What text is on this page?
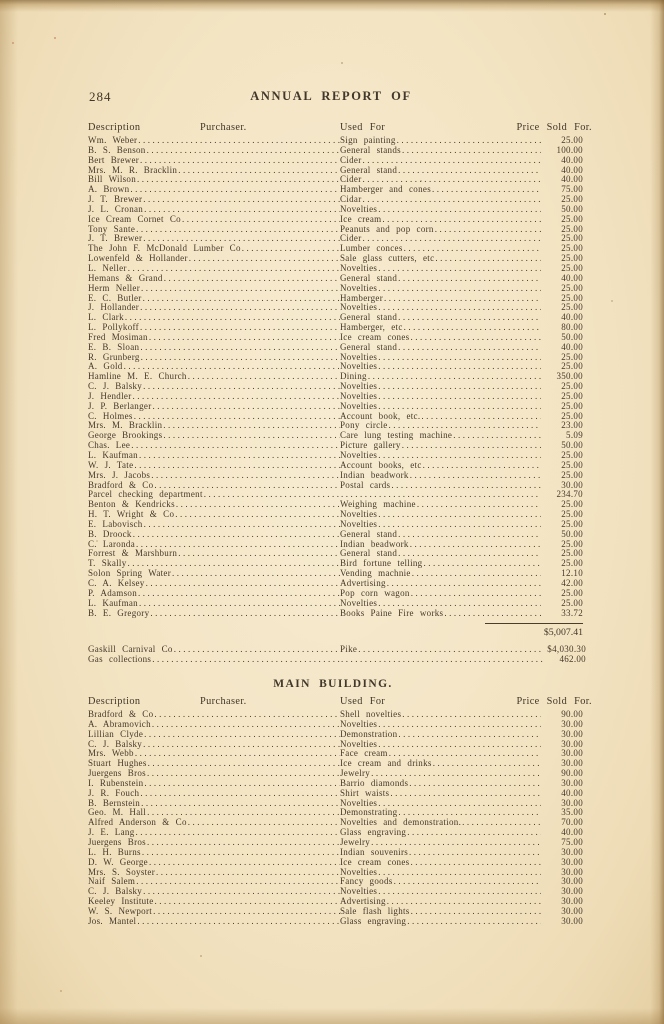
284	ANNUAL REPORT OF
Description	Purchaser.	Used For	Price Sold For.
Wm. Weber .....	Sign painting .....	25.00
B. S. Benson .....	General stands .....	100.00
Bert Brewer .....	Cider .....	40.00
Mrs. M. R. Bracklin .....	General stand .....	40.00
Bill Wilson .....	Cider .....	40.00
A. Brown .....	Hamberger and cones .....	75.00
J. T. Brewer .....	Cidar .....	25.00
J. L. Cronan .....	Novelties .....	50.00
Ice Cream Cornet Co .....	Ice cream .....	25.00
Tony Sante .....	Peanuts and pop corn .....	25.00
J. T. Brewer .....	Cider .....	25.00
The John F. McDonald Lumber Co .....	Lumber conces .....	25.00
Lowenfeld & Hollander .....	Sale glass cutters, etc .....	25.00
L. Neller .....	Novelties .....	25.00
Hemans & Grand .....	General stand .....	40.00
Herm Neller .....	Novelties .....	25.00
E. C. Butler .....	Hamberger .....	25.00
J. Hollander .....	Novelties .....	25.00
L. Clark .....	General stand .....	40.00
L. Pollykoff .....	Hamberger, etc .....	80.00
Fred Mosiman .....	Ice cream cones .....	50.00
E. B. Sloan .....	General stand .....	40.00
R. Grunberg .....	Novelties .....	25.00
A. Gold .....	Novelties .....	25.00
Hamline M. E. Church .....	Dining .....	350.00
C. J. Balsky .....	Novelties .....	25.00
J. Hendler .....	Novelties .....	25.00
J. P. Berlanger .....	Novelties .....	25.00
C. Holmes .....	Account book, etc. .....	25.00
Mrs. M. Bracklin .....	Pony circle .....	23.00
George Brookings .....	Care lung testing machine .....	5.09
Chas. Lee .....	Picture gallery .....	50.00
L. Kaufman .....	Novelties .....	25.00
W. J. Tate .....	Account books, etc .....	25.00
Mrs. J. Jacobs .....	Indian beadwork .....	25.00
Bradford & Co .....	Postal cards .....	30.00
Parcel checking department ..... .....	234.70
Benton & Kendricks .....	Weighing machine .....	25.00
H. T. Wright & Co .....	Novelties .....	25.00
E. Labovisch .....	Novelties .....	25.00
B. Droock .....	General stand .....	50.00
C. Laronda .....	Indian beadwork .....	25.00
Forrest & Marshburn .....	General stand .....	25.00
T. Skally .....	Bird fortune telling .....	25.00
Solon Spring Water .....	Vending machnie .....	12.10
C. A. Kelsey .....	Advertising .....	42.00
P. Adamson .....	Pop corn wagon .....	25.00
L. Kaufman .....	Novelties .....	25.00
B. E. Gregory .....	Books Paine Fire works .....	33.72
$5,007.41
Gaskill Carnival Co .....	Pike .....	$4,030.30
Gas collections ..... .....	462.00
MAIN BUILDING.
Description	Purchaser.	Used For	Price Sold For.
Bradford & Co .....	Shell novelties .....	90.00
A. Abramovich .....	Novelties .....	30.00
Lillian Clyde .....	Demonstration .....	30.00
C. J. Balsky .....	Novelties .....	30.00
Mrs. Webb .....	Face cream .....	30.00
Stuart Hughes .....	Ice cream and drinks .....	30.00
Juergens Bros .....	Jewelry .....	90.00
I. Rubenstein .....	Barrio diamonds .....	30.00
J. R. Fouch .....	Shirt waists .....	40.00
B. Bernstein .....	Novelties .....	30.00
Geo. M. Hall .....	Demonstrating .....	35.00
Alfred Anderson & Co .....	Novelties and demonstration. .....	70.00
J. E. Lang .....	Glass engraving .....	40.00
Juergens Bros .....	Jewelry .....	75.00
L. H. Burns .....	Indian souvenirs .....	30.00
D. W. George .....	Ice cream cones .....	30.00
Mrs. S. Soyster .....	Novelties .....	30.00
Naif Salem .....	Fancy goods .....	30.00
C. J. Balsky .....	Novelties .....	30.00
Keeley Institute .....	Advertising .....	30.00
W. S. Newport .....	Sale flash lights .....	30.00
Jos. Mantel .....	Glass engraving .....	30.00
